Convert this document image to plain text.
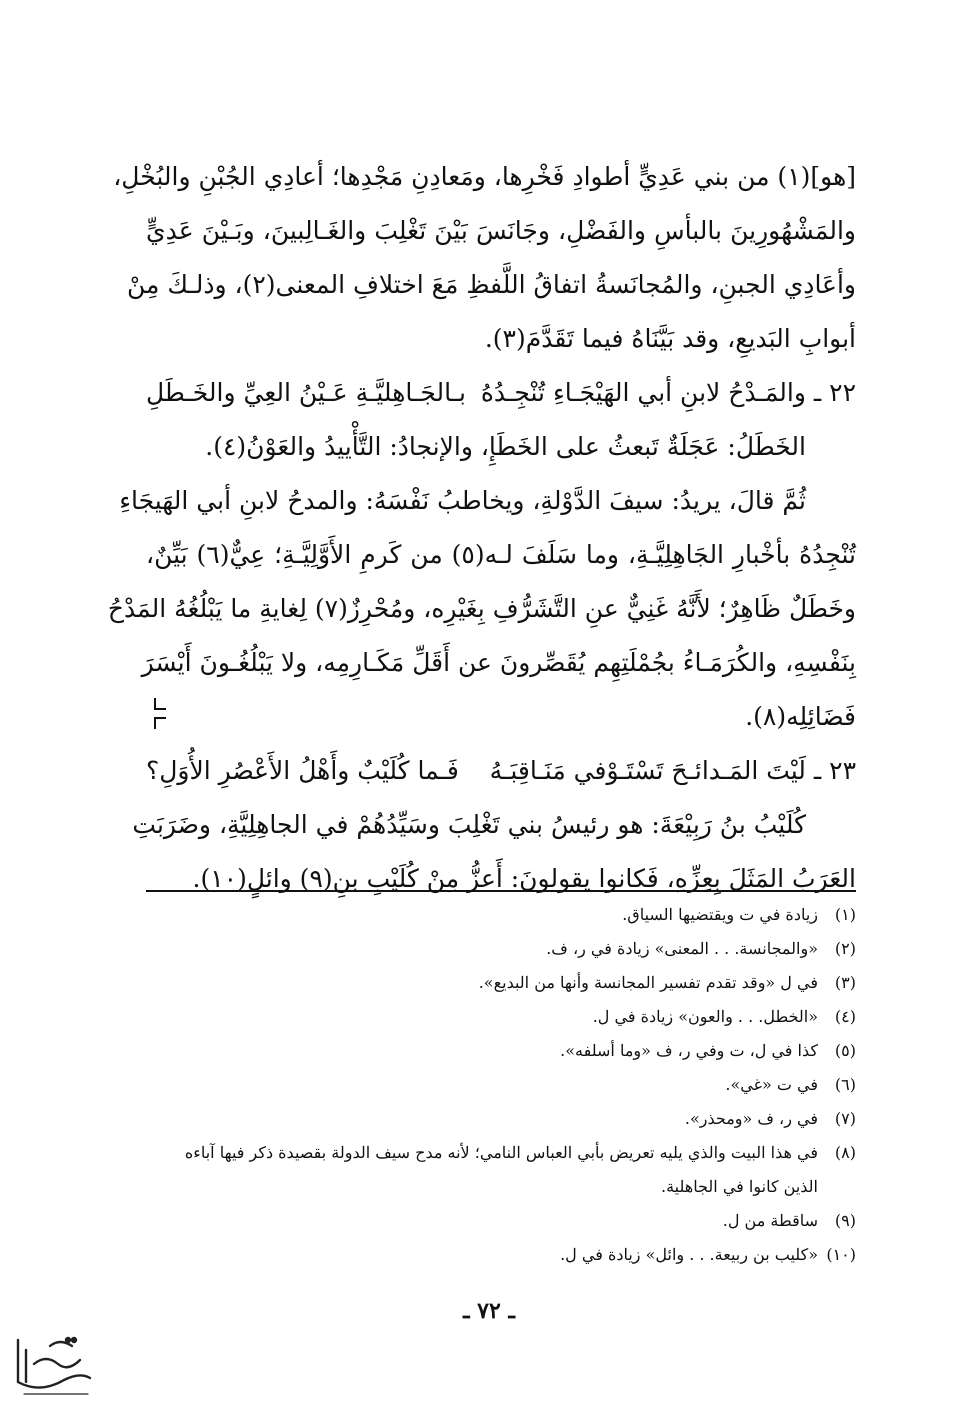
[هو](١) من بني عَدِيٍّ أطوادِ فَخْرِها، ومَعادِنِ مَجْدِها؛ أعادِي الجُبْنِ والبُخْلِ،
والمَشْهُورِينَ بالبأسِ والفَضْلِ، وجَانَسَ بَيْنَ تَغْلِبَ والغَـالِبينَ، وبَـيْنَ عَدِيٍّ
وأعَادِي الجبنِ، والمُجانَسةُ اتفاقُ اللَّفظِ مَعَ اختلافِ المعنى(٢)، وذلـكَ مِنْ
أبوابِ البَديعِ، وقد بَيَّنَاهُ فيما تَقَدَّمَ(٣).
٢٢ ـ والمَـدْحُ لابنِ أبي الهَيْجَـاءِ تُنْجِـدُهُ
بـالجَـاهِليَّـةِ عَـيْنُ العِيِّ والخَـطَلِ
الخَطَلُ: عَجَلَةٌ تَبعثُ على الخَطَإِ، والإنجادُ: التَّأْييدُ والعَوْنُ(٤).
ثُمَّ قالَ، يريدُ: سيفَ الدَّوْلةِ، ويخاطبُ نَفْسَهُ: والمدحُ لابنِ أبي الهَيجَاءِ
تُنْجِدُهُ بأخْبارِ الجَاهِلِيَّـةِ، وما سَلَفَ لـه(٥) من كَرمِ الأَوَّلِيَّـةِ؛ عِيٌّ(٦) بَيِّنٌ،
وخَطَلٌ ظَاهِرٌ؛ لأَنَّهُ غَنِيٌّ عنِ التَّشَرُّفِ بِغَيْرِه، ومُحْرِزٌ(٧) لِغايةِ ما يَبْلُغُهُ المَدْحُ
بِنَفْسِهِ، والكُرَمَـاءُ بجُمْلَتِهِم يُقَصِّرونَ عن أَقَلِّ مَكَـارِمِه، ولا يَبْلُغُـونَ أَيْسَرَ
فَضَائِلِه(٨).
٢٣ ـ لَيْتَ المَـدائـحَ تَسْتَـوْفي مَنَـاقِبَـهُ
فَـما كُلَيْبٌ وأَهْلُ الأَعْصُرِ الأُوَلِ؟
كُلَيْبُ بنُ رَبِيْعَةَ: هو رئيسُ بني تَغْلِبَ وسَيِّدُهُمْ في الجاهِلِيَّةِ، وضَرَبَتِ
العَرَبُ المَثَلَ بِعِزِّهِ، فَكانوا يقولونَ: أَعزُّ مِنْ كُلَيْبِ بنِ(٩) وائلٍ(١٠).
(١)
زيادة في ت ويقتضيها السياق.
(٢)
«والمجانسة. . . المعنى» زيادة في ر، ف.
(٣)
في ل «وقد تقدم تفسير المجانسة وأنها من البديع».
(٤)
«الخطل. . . والعون» زيادة في ل.
(٥)
كذا في ل، ت وفي ر، ف «وما أسلفه».
(٦)
في ت «غي».
(٧)
في ر، ف «ومحذر».
(٨)
في هذا البيت والذي يليه تعريض بأبي العباس النامي؛ لأنه مدح سيف الدولة بقصيدة ذكر فيها آباءه الذين كانوا في الجاهلية.
(٩)
ساقطة من ل.
(١٠)
«كليب بن ربيعة. . . وائل» زيادة في ل.
ـ ٧٢ ـ
